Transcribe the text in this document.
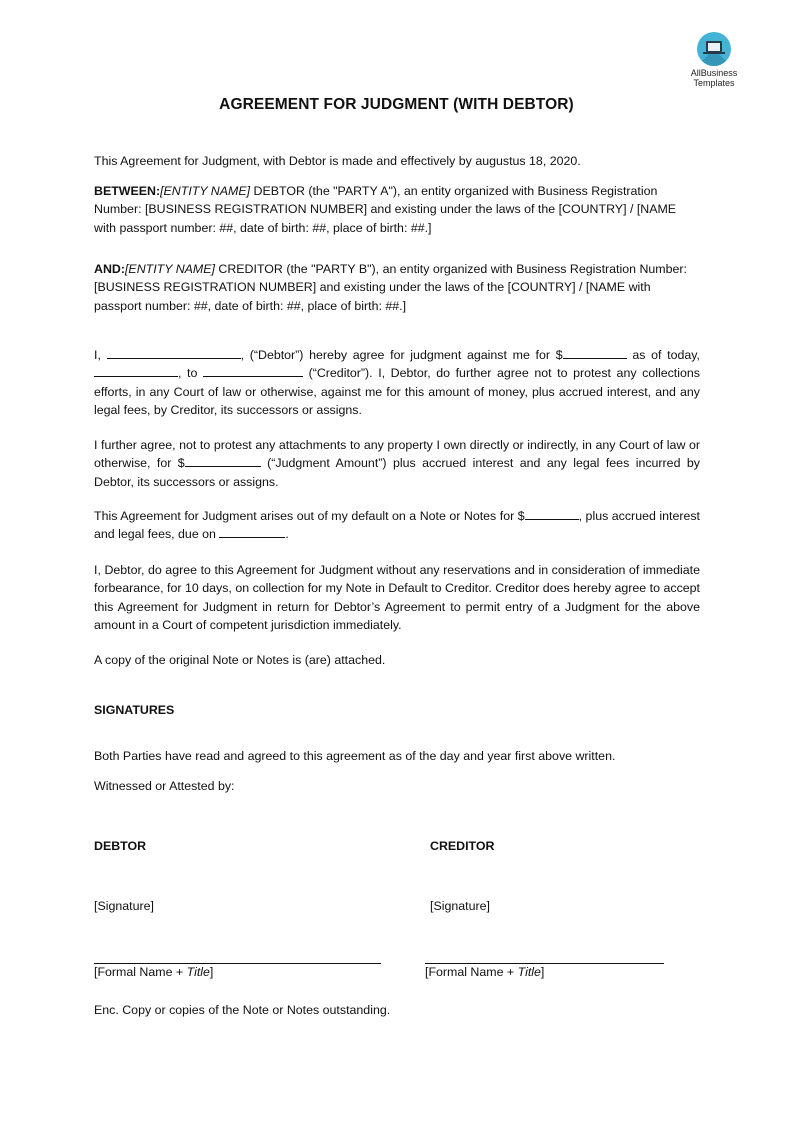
AllBusiness
Templates
AGREEMENT FOR JUDGMENT (WITH DEBTOR)

This Agreement for Judgment, with Debtor is made and effectively by augustus 18, 2020.

BETWEEN:[ENTITY NAME] DEBTOR (the "PARTY A"), an entity organized with Business Registration Number: [BUSINESS REGISTRATION NUMBER] and existing under the laws of the [COUNTRY] / [NAME with passport number: ##, date of birth: ##, place of birth: ##.]

AND:[ENTITY NAME] CREDITOR (the "PARTY B"), an entity organized with Business Registration Number: [BUSINESS REGISTRATION NUMBER] and existing under the laws of the [COUNTRY] / [NAME with passport number: ##, date of birth: ##, place of birth: ##.]

I,	, (“Debtor”) hereby agree for judgment against me for $	as of today, , to	(“Creditor”). I, Debtor, do further agree not to protest any collections efforts, in any Court of law or otherwise, against me for this amount of money, plus accrued interest, and any legal fees, by Creditor, its successors or assigns.

I further agree, not to protest any attachments to any property I own directly or indirectly, in any Court of law or otherwise, for $	(“Judgment Amount”) plus accrued interest and any legal fees incurred by Debtor, its successors or assigns.

This Agreement for Judgment arises out of my default on a Note or Notes for $	, plus accrued interest and legal fees, due on	.

I, Debtor, do agree to this Agreement for Judgment without any reservations and in consideration of immediate forbearance, for 10 days, on collection for my Note in Default to Creditor. Creditor does hereby agree to accept this Agreement for Judgment in return for Debtor’s Agreement to permit entry of a Judgment for the above amount in a Court of competent jurisdiction immediately.

A copy of the original Note or Notes is (are) attached.

SIGNATURES

Both Parties have read and agreed to this agreement as of the day and year first above written.

Witnessed or Attested by:

DEBTOR
[Signature]
[Formal Name + Title]
CREDITOR
[Signature]
[Formal Name + Title]

Enc. Copy or copies of the Note or Notes outstanding.
